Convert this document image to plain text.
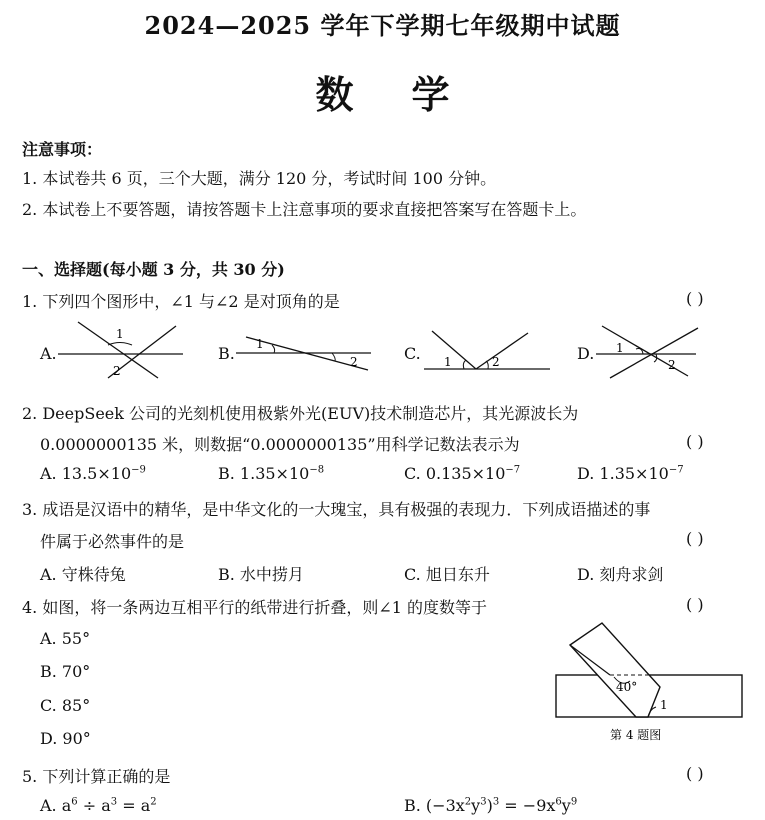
2024—2025 学年下学期七年级期中试题
数学
注意事项：
1. 本试卷共 6 页，三个大题，满分 120 分，考试时间 100 分钟。
2. 本试卷上不要答题，请按答题卡上注意事项的要求直接把答案写在答题卡上。
一、选择题(每小题 3 分，共 30 分)
1. 下列四个图形中，∠1 与∠2 是对顶角的是	( )
A.
1
2
B. 1
2	C. 1	2	D. 1
2
2. DeepSeek 公司的光刻机使用极紫外光(EUV)技术制造芯片，其光源波长为
0.0000000135 米，则数据“0.0000000135”用科学记数法表示为	( )
A. $13.5\times 10^{-9}$	B. $1.35\times 10^{-8}$	C. $0.135\times 10^{-7}$	D. $1.35\times 10^{-7}$
3. 成语是汉语中的精华，是中华文化的一大瑰宝，具有极强的表现力．下列成语描述的事
件属于必然事件的是	( )
A. 守株待兔	B. 水中捞月	C. 旭日东升	D. 刻舟求剑
4. 如图，将一条两边互相平行的纸带进行折叠，则∠1 的度数等于	( )
A. 55°
B. 70°
C. 85°
D. 90°
40°
1
第 4 题图
5. 下列计算正确的是	( )
A. $a^6 \div a^3 = a^2$	B. $(-3x^2y^3)^3 = -9x^6y^9$
